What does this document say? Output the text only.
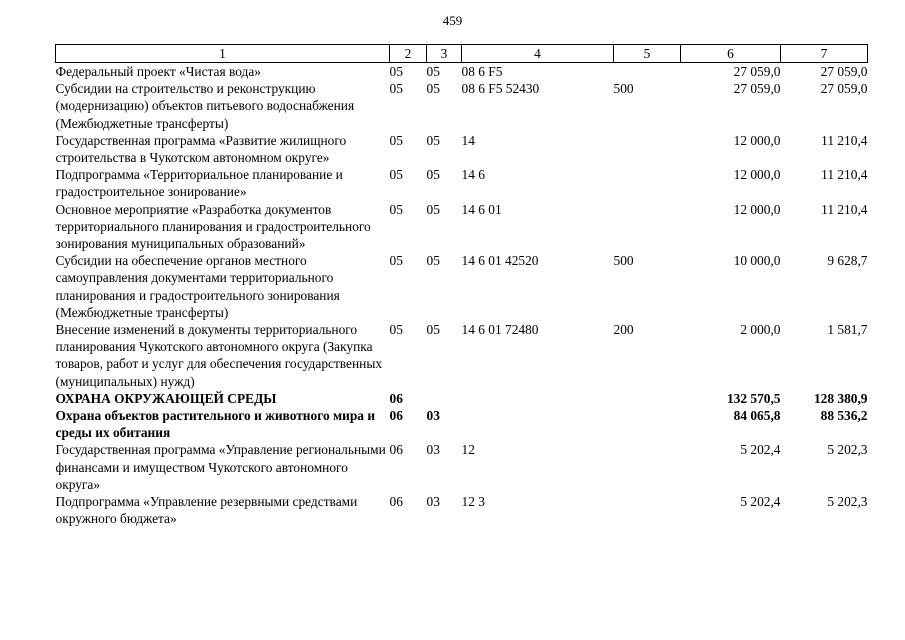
459
1	2	3	4	5	6	7
Федеральный проект «Чистая вода»	05	05	08 6 F5		27 059,0	27 059,0
Субсидии на строительство и реконструкцию (модернизацию) объектов питьевого водоснабжения (Межбюджетные трансферты)	05	05	08 6 F5 52430	500	27 059,0	27 059,0
Государственная программа «Развитие жилищного строительства в Чукотском автономном округе»	05	05	14		12 000,0	11 210,4
Подпрограмма «Территориальное планирование и градостроительное зонирование»	05	05	14 6		12 000,0	11 210,4
Основное мероприятие «Разработка документов территориального планирования и градостроительного зонирования муниципальных образований»	05	05	14 6 01		12 000,0	11 210,4
Субсидии на обеспечение органов местного самоуправления документами территориального планирования и градостроительного зонирования (Межбюджетные трансферты)	05	05	14 6 01 42520	500	10 000,0	9 628,7
Внесение изменений в документы территориального планирования Чукотского автономного округа (Закупка товаров, работ и услуг для обеспечения государственных (муниципальных) нужд)	05	05	14 6 01 72480	200	2 000,0	1 581,7
ОХРАНА ОКРУЖАЮЩЕЙ СРЕДЫ	06				132 570,5	128 380,9
Охрана объектов растительного и животного мира и среды их обитания	06	03			84 065,8	88 536,2
Государственная программа «Управление региональными финансами и имуществом Чукотского автономного округа»	06	03	12		5 202,4	5 202,3
Подпрограмма «Управление резервными средствами окружного бюджета»	06	03	12 3		5 202,4	5 202,3
